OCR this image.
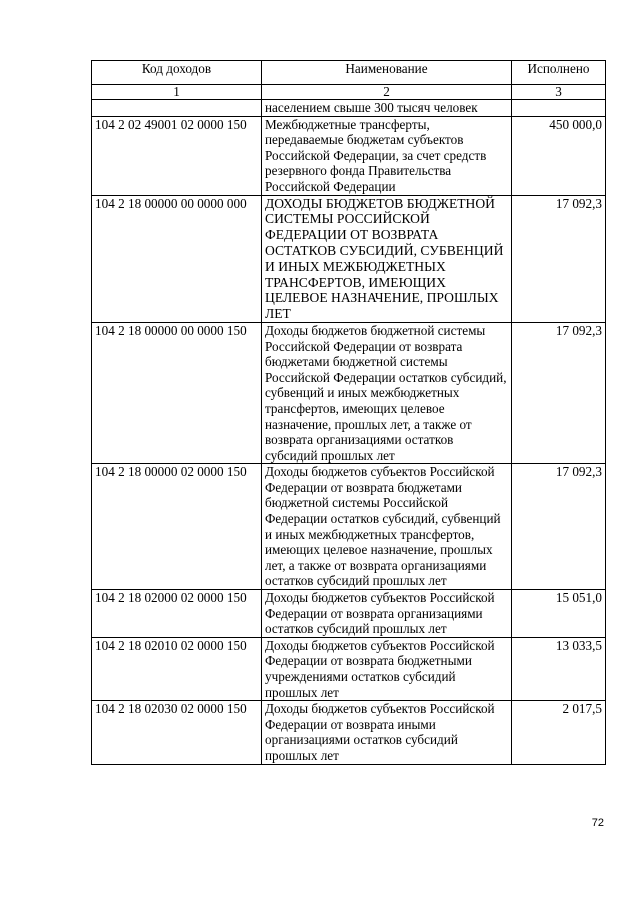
Код доходов	Наименование	Исполнено
1	2	3
	населением свыше 300 тысяч человек	
104 2 02 49001 02 0000 150	Межбюджетные трансферты, передаваемые бюджетам субъектов Российской Федерации, за счет средств резервного фонда Правительства Российской Федерации	450 000,0
104 2 18 00000 00 0000 000	ДОХОДЫ БЮДЖЕТОВ БЮДЖЕТНОЙ СИСТЕМЫ РОССИЙСКОЙ ФЕДЕРАЦИИ ОТ ВОЗВРАТА ОСТАТКОВ СУБСИДИЙ, СУБВЕНЦИЙ И ИНЫХ МЕЖБЮДЖЕТНЫХ ТРАНСФЕРТОВ, ИМЕЮЩИХ ЦЕЛЕВОЕ НАЗНАЧЕНИЕ, ПРОШЛЫХ ЛЕТ	17 092,3
104 2 18 00000 00 0000 150	Доходы бюджетов бюджетной системы Российской Федерации от возврата бюджетами бюджетной системы Российской Федерации остатков субсидий, субвенций и иных межбюджетных трансфертов, имеющих целевое назначение, прошлых лет, а также от возврата организациями остатков субсидий прошлых лет	17 092,3
104 2 18 00000 02 0000 150	Доходы бюджетов субъектов Российской Федерации от возврата бюджетами бюджетной системы Российской Федерации остатков субсидий, субвенций и иных межбюджетных трансфертов, имеющих целевое назначение, прошлых лет, а также от возврата организациями остатков субсидий прошлых лет	17 092,3
104 2 18 02000 02 0000 150	Доходы бюджетов субъектов Российской Федерации от возврата организациями остатков субсидий прошлых лет	15 051,0
104 2 18 02010 02 0000 150	Доходы бюджетов субъектов Российской Федерации от возврата бюджетными учреждениями остатков субсидий прошлых лет	13 033,5
104 2 18 02030 02 0000 150	Доходы бюджетов субъектов Российской Федерации от возврата иными организациями остатков субсидий прошлых лет	2 017,5
72
